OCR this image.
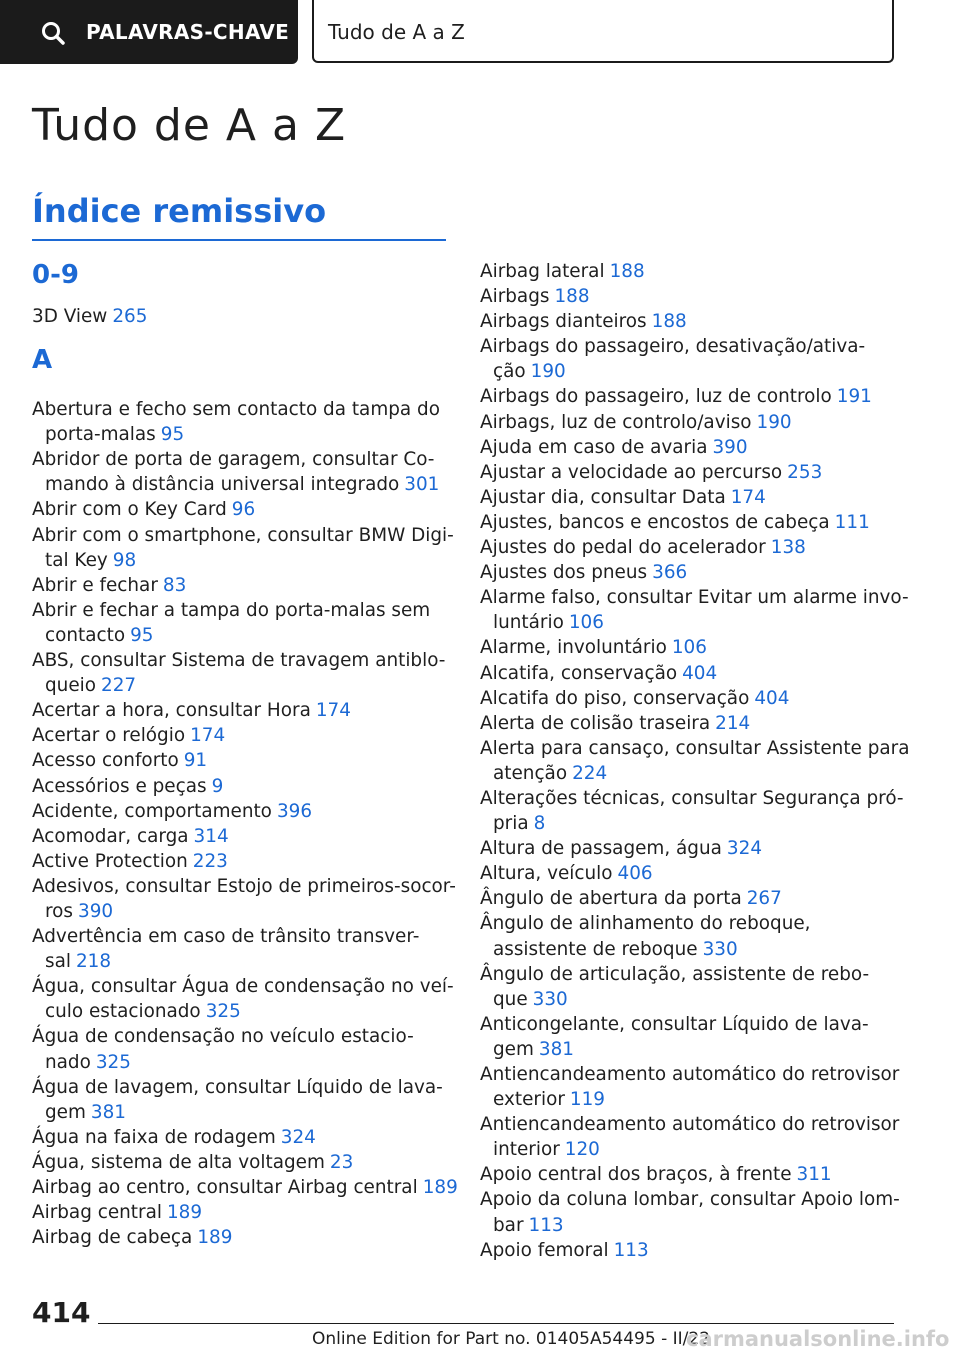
PALAVRAS-CHAVE Tudo de A a Z
Tudo de A a Z
Índice remissivo
0-9
3D View 265
A
Abertura e fecho sem contacto da tampa do porta-malas 95
Abridor de porta de garagem, consultar Co-mando à distância universal integrado 301
Abrir com o Key Card 96
Abrir com o smartphone, consultar BMW Digi-tal Key 98
Abrir e fechar 83
Abrir e fechar a tampa do porta-malas sem contacto 95
ABS, consultar Sistema de travagem antiblo-queio 227
Acertar a hora, consultar Hora 174
Acertar o relógio 174
Acesso conforto 91
Acessórios e peças 9
Acidente, comportamento 396
Acomodar, carga 314
Active Protection 223
Adesivos, consultar Estojo de primeiros-socor-ros 390
Advertência em caso de trânsito transver-sal 218
Água, consultar Água de condensação no veí-culo estacionado 325
Água de condensação no veículo estacio-nado 325
Água de lavagem, consultar Líquido de lava-gem 381
Água na faixa de rodagem 324
Água, sistema de alta voltagem 23
Airbag ao centro, consultar Airbag central 189
Airbag central 189
Airbag de cabeça 189
Airbag lateral 188
Airbags 188
Airbags dianteiros 188
Airbags do passageiro, desativação/ativa-ção 190
Airbags do passageiro, luz de controlo 191
Airbags, luz de controlo/aviso 190
Ajuda em caso de avaria 390
Ajustar a velocidade ao percurso 253
Ajustar dia, consultar Data 174
Ajustes, bancos e encostos de cabeça 111
Ajustes do pedal do acelerador 138
Ajustes dos pneus 366
Alarme falso, consultar Evitar um alarme invo-luntário 106
Alarme, involuntário 106
Alcatifa, conservação 404
Alcatifa do piso, conservação 404
Alerta de colisão traseira 214
Alerta para cansaço, consultar Assistente para atenção 224
Alterações técnicas, consultar Segurança pró-pria 8
Altura de passagem, água 324
Altura, veículo 406
Ângulo de abertura da porta 267
Ângulo de alinhamento do reboque, assistente de reboque 330
Ângulo de articulação, assistente de rebo-que 330
Anticongelante, consultar Líquido de lava-gem 381
Antiencandeamento automático do retrovisor exterior 119
Antiencandeamento automático do retrovisor interior 120
Apoio central dos braços, à frente 311
Apoio da coluna lombar, consultar Apoio lom-bar 113
Apoio femoral 113
414
Online Edition for Part no. 01405A54495 - II/22
carmanualsonline.info
